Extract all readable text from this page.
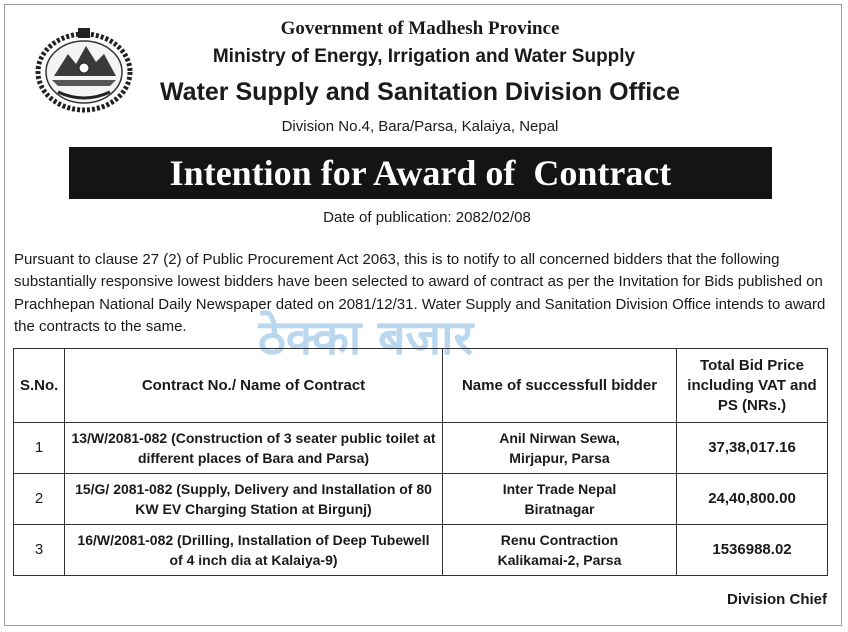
Government of Madhesh Province
Ministry of Energy, Irrigation and Water Supply
Water Supply and Sanitation Division Office
Division No.4, Bara/Parsa, Kalaiya, Nepal
Intention for Award of  Contract
Date of publication: 2082/02/08
Pursuant to clause 27 (2) of Public Procurement Act 2063, this is to notify to all concerned bidders that the following substantially responsive lowest bidders have been selected to award of contract as per the Invitation for Bids published on Prachhepan National Daily Newspaper dated on 2081/12/31. Water Supply and Sanitation Division Office intends to award the contracts to the same.	ठेक्का बजार
S.No.	Contract No./ Name of Contract	Name of successfull bidder	Total Bid Price including VAT and PS (NRs.)
1	13/W/2081-082 (Construction of 3 seater public toilet at different places of Bara and Parsa)	Anil Nirwan Sewa,
Mirjapur, Parsa	37,38,017.16
2	15/G/ 2081-082 (Supply, Delivery and Installation of 80 KW EV Charging Station at Birgunj)	Inter Trade Nepal
Biratnagar	24,40,800.00
3	16/W/2081-082 (Drilling, Installation of Deep Tubewell of 4 inch dia at Kalaiya-9)	Renu Contraction
Kalikamai-2, Parsa	1536988.02
Division Chief
